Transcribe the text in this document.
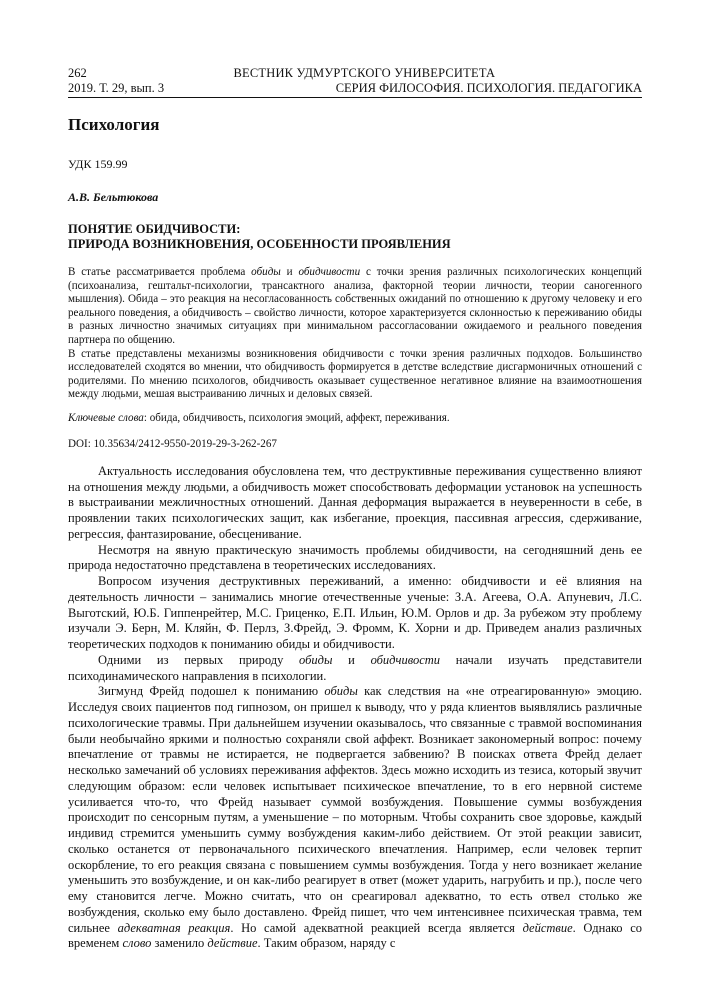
262	ВЕСТНИК УДМУРТСКОГО УНИВЕРСИТЕТА
2019. Т. 29, вып. 3	СЕРИЯ ФИЛОСОФИЯ. ПСИХОЛОГИЯ. ПЕДАГОГИКА
Психология
УДК 159.99
А.В. Бельтюкова
ПОНЯТИЕ ОБИДЧИВОСТИ:
ПРИРОДА ВОЗНИКНОВЕНИЯ, ОСОБЕННОСТИ ПРОЯВЛЕНИЯ

В статье рассматривается проблема обиды и обидчивости с точки зрения различных психологических концепций (психоанализа, гештальт-психологии, трансактного анализа, факторной теории личности, теории саногенного мышления). Обида – это реакция на несогласованность собственных ожиданий по отношению к другому человеку и его реального поведения, а обидчивость – свойство личности, которое характеризуется склонностью к переживанию обиды в разных личностно значимых ситуациях при минимальном рассогласовании ожидаемого и реального поведения партнера по общению.

В статье представлены механизмы возникновения обидчивости с точки зрения различных подходов. Большинство исследователей сходятся во мнении, что обидчивость формируется в детстве вследствие дисгармоничных отношений с родителями. По мнению психологов, обидчивость оказывает существенное негативное влияние на взаимоотношения между людьми, мешая выстраиванию личных и деловых связей.

Ключевые слова: обида, обидчивость, психология эмоций, аффект, переживания.
DOI: 10.35634/2412-9550-2019-29-3-262-267

Актуальность исследования обусловлена тем, что деструктивные переживания существенно влияют на отношения между людьми, а обидчивость может способствовать деформации установок на успешность в выстраивании межличностных отношений. Данная деформация выражается в неуверенности в себе, в проявлении таких психологических защит, как избегание, проекция, пассивная агрессия, сдерживание, регрессия, фантазирование, обесценивание.

Несмотря на явную практическую значимость проблемы обидчивости, на сегодняшний день ее природа недостаточно представлена в теоретических исследованиях.

Вопросом изучения деструктивных переживаний, а именно: обидчивости и её влияния на деятельность личности – занимались многие отечественные ученые: З.А. Агеева, О.А. Апуневич, Л.С. Выготский, Ю.Б. Гиппенрейтер, М.С. Гриценко, Е.П. Ильин, Ю.М. Орлов и др. За рубежом эту проблему изучали Э. Берн, М. Кляйн, Ф. Перлз, З.Фрейд, Э. Фромм, К. Хорни и др. Приведем анализ различных теоретических подходов к пониманию обиды и обидчивости.

Одними из первых природу обиды и обидчивости начали изучать представители психодинамического направления в психологии.

Зигмунд Фрейд подошел к пониманию обиды как следствия на «не отреагированную» эмоцию. Исследуя своих пациентов под гипнозом, он пришел к выводу, что у ряда клиентов выявлялись различные психологические травмы. При дальнейшем изучении оказывалось, что связанные с травмой воспоминания были необычайно яркими и полностью сохраняли свой аффект. Возникает закономерный вопрос: почему впечатление от травмы не истирается, не подвергается забвению? В поисках ответа Фрейд делает несколько замечаний об условиях переживания аффектов. Здесь можно исходить из тезиса, который звучит следующим образом: если человек испытывает психическое впечатление, то в его нервной системе усиливается что-то, что Фрейд называет суммой возбуждения. Повышение суммы возбуждения происходит по сенсорным путям, а уменьшение – по моторным. Чтобы сохранить свое здоровье, каждый индивид стремится уменьшить сумму возбуждения каким-либо действием. От этой реакции зависит, сколько останется от первоначального психического впечатления. Например, если человек терпит оскорбление, то его реакция связана с повышением суммы возбуждения. Тогда у него возникает желание уменьшить это возбуждение, и он как-либо реагирует в ответ (может ударить, нагрубить и пр.), после чего ему становится легче. Можно считать, что он среагировал адекватно, то есть отвел столько же возбуждения, сколько ему было доставлено. Фрейд пишет, что чем интенсивнее психическая травма, тем сильнее адекватная реакция. Но самой адекватной реакцией всегда является действие. Однако со временем слово заменило действие. Таким образом, наряду с
